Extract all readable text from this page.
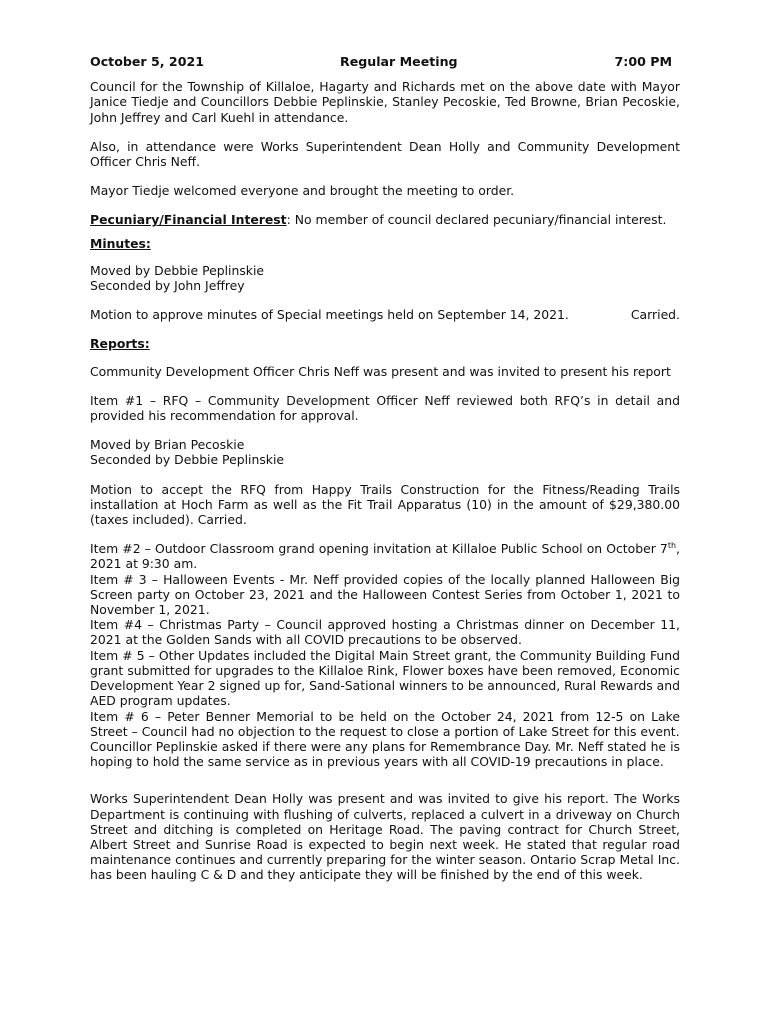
October 5, 2021	Regular Meeting	7:00 PM

Council for the Township of Killaloe, Hagarty and Richards met on the above date with Mayor Janice Tiedje and Councillors Debbie Peplinskie, Stanley Pecoskie, Ted Browne, Brian Pecoskie, John Jeffrey and Carl Kuehl in attendance.

Also, in attendance were Works Superintendent Dean Holly and Community Development Officer Chris Neff.

Mayor Tiedje welcomed everyone and brought the meeting to order.

Pecuniary/Financial Interest: No member of council declared pecuniary/financial interest.

Minutes:

Moved by Debbie Peplinskie

Seconded by John Jeffrey

Motion to approve minutes of Special meetings held on September 14, 2021.	Carried.
Reports:

Community Development Officer Chris Neff was present and was invited to present his report

Item #1 – RFQ – Community Development Officer Neff reviewed both RFQ’s in detail and provided his recommendation for approval.

Moved by Brian Pecoskie

Seconded by Debbie Peplinskie

Motion to accept the RFQ from Happy Trails Construction for the Fitness/Reading Trails installation at Hoch Farm as well as the Fit Trail Apparatus (10) in the amount of $29,380.00 (taxes included). Carried.

Item #2 – Outdoor Classroom grand opening invitation at Killaloe Public School on October 7th, 2021 at 9:30 am.

Item # 3 – Halloween Events - Mr. Neff provided copies of the locally planned Halloween Big Screen party on October 23, 2021 and the Halloween Contest Series from October 1, 2021 to November 1, 2021.

Item #4 – Christmas Party – Council approved hosting a Christmas dinner on December 11, 2021 at the Golden Sands with all COVID precautions to be observed.

Item # 5 – Other Updates included the Digital Main Street grant, the Community Building Fund grant submitted for upgrades to the Killaloe Rink, Flower boxes have been removed, Economic Development Year 2 signed up for, Sand-Sational winners to be announced, Rural Rewards and AED program updates.

Item # 6 – Peter Benner Memorial to be held on the October 24, 2021 from 12-5 on Lake Street – Council had no objection to the request to close a portion of Lake Street for this event.

Councillor Peplinskie asked if there were any plans for Remembrance Day. Mr. Neff stated he is hoping to hold the same service as in previous years with all COVID-19 precautions in place.

Works Superintendent Dean Holly was present and was invited to give his report. The Works Department is continuing with flushing of culverts, replaced a culvert in a driveway on Church Street and ditching is completed on Heritage Road. The paving contract for Church Street, Albert Street and Sunrise Road is expected to begin next week. He stated that regular road maintenance continues and currently preparing for the winter season. Ontario Scrap Metal Inc. has been hauling C & D and they anticipate they will be finished by the end of this week.
